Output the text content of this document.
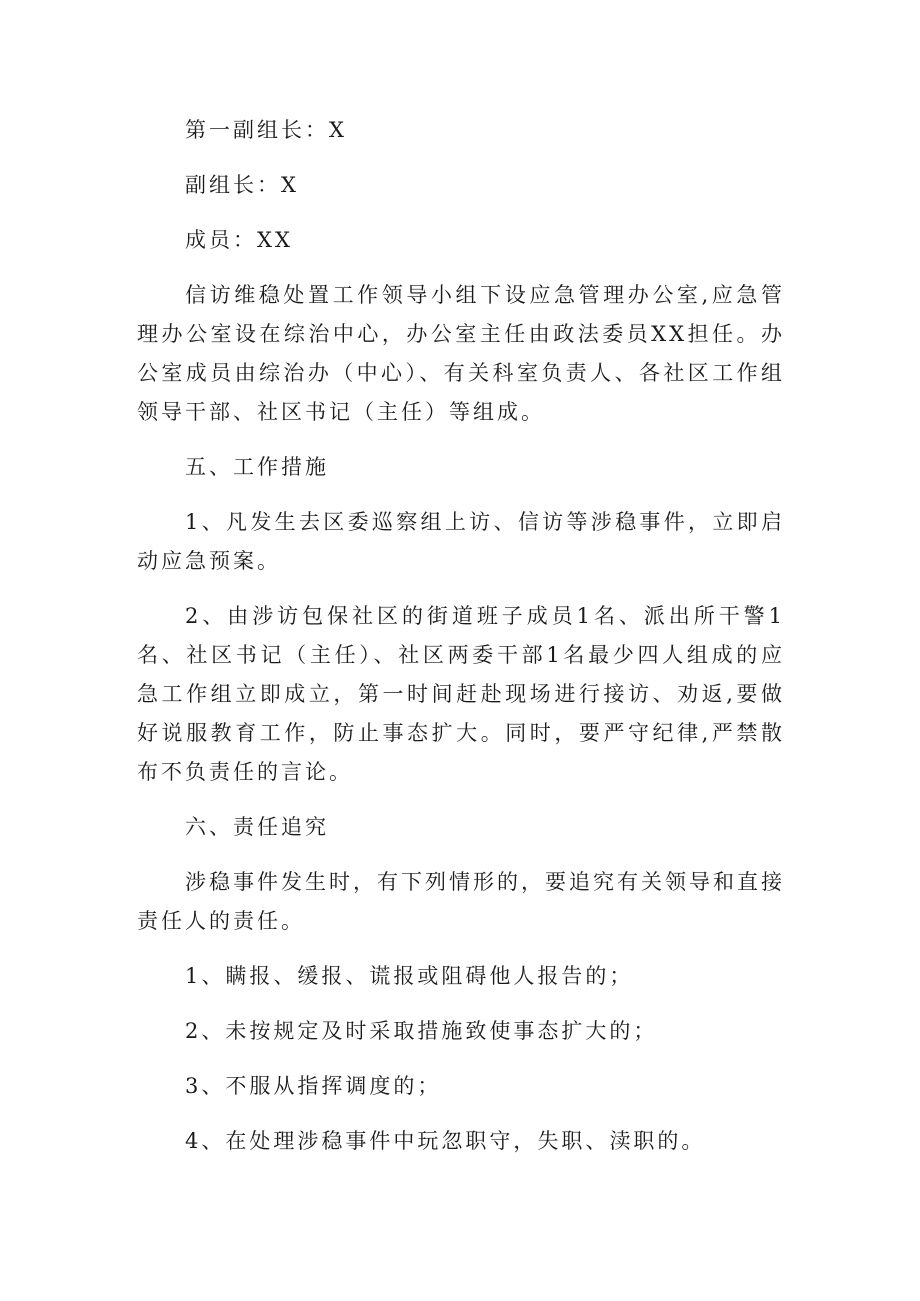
第一副组长：X

副组长：X

成员：XX

信访维稳处置工作领导小组下设应急管理办公室,应急管理办公室设在综治中心，办公室主任由政法委员XX担任。办公室成员由综治办（中心）、有关科室负责人、各社区工作组领导干部、社区书记（主任）等组成。

五、工作措施

1、凡发生去区委巡察组上访、信访等涉稳事件，立即启动应急预案。

2、由涉访包保社区的街道班子成员1名、派出所干警1名、社区书记（主任）、社区两委干部1名最少四人组成的应急工作组立即成立，第一时间赶赴现场进行接访、劝返,要做好说服教育工作，防止事态扩大。同时，要严守纪律,严禁散布不负责任的言论。

六、责任追究

涉稳事件发生时，有下列情形的，要追究有关领导和直接责任人的责任。

1、瞒报、缓报、谎报或阻碍他人报告的；

2、未按规定及时采取措施致使事态扩大的；

3、不服从指挥调度的；

4、在处理涉稳事件中玩忽职守，失职、渎职的。
